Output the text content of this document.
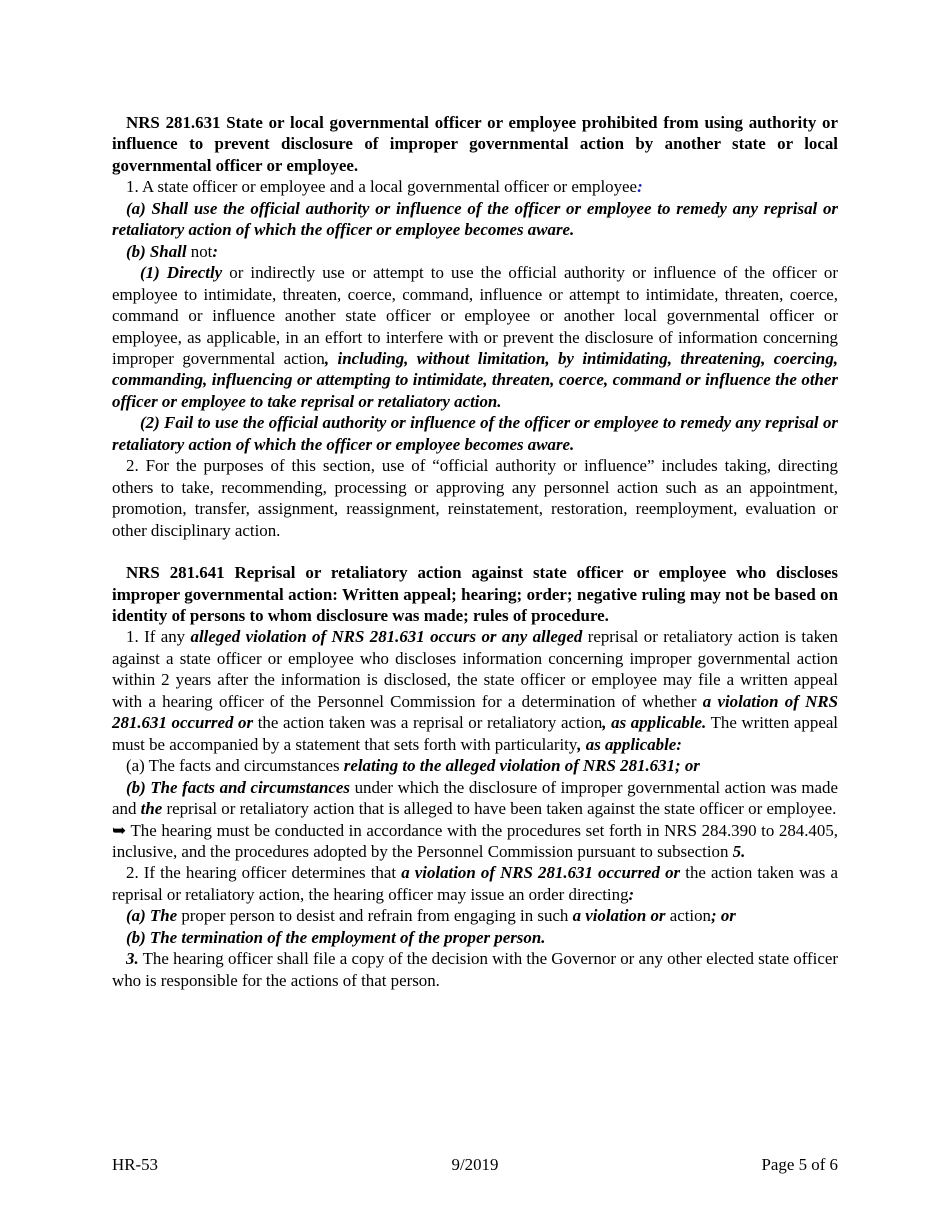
NRS 281.631 State or local governmental officer or employee prohibited from using authority or influence to prevent disclosure of improper governmental action by another state or local governmental officer or employee.

1. A state officer or employee and a local governmental officer or employee:

(a) Shall use the official authority or influence of the officer or employee to remedy any reprisal or retaliatory action of which the officer or employee becomes aware.

(b) Shall not:

(1) Directly or indirectly use or attempt to use the official authority or influence of the officer or employee to intimidate, threaten, coerce, command, influence or attempt to intimidate, threaten, coerce, command or influence another state officer or employee or another local governmental officer or employee, as applicable, in an effort to interfere with or prevent the disclosure of information concerning improper governmental action, including, without limitation, by intimidating, threatening, coercing, commanding, influencing or attempting to intimidate, threaten, coerce, command or influence the other officer or employee to take reprisal or retaliatory action.

(2) Fail to use the official authority or influence of the officer or employee to remedy any reprisal or retaliatory action of which the officer or employee becomes aware.

2. For the purposes of this section, use of “official authority or influence” includes taking, directing others to take, recommending, processing or approving any personnel action such as an appointment, promotion, transfer, assignment, reassignment, reinstatement, restoration, reemployment, evaluation or other disciplinary action.

NRS 281.641 Reprisal or retaliatory action against state officer or employee who discloses improper governmental action: Written appeal; hearing; order; negative ruling may not be based on identity of persons to whom disclosure was made; rules of procedure.

1. If any alleged violation of NRS 281.631 occurs or any alleged reprisal or retaliatory action is taken against a state officer or employee who discloses information concerning improper governmental action within 2 years after the information is disclosed, the state officer or employee may file a written appeal with a hearing officer of the Personnel Commission for a determination of whether a violation of NRS 281.631 occurred or the action taken was a reprisal or retaliatory action, as applicable. The written appeal must be accompanied by a statement that sets forth with particularity, as applicable:

(a) The facts and circumstances relating to the alleged violation of NRS 281.631; or

(b) The facts and circumstances under which the disclosure of improper governmental action was made and the reprisal or retaliatory action that is alleged to have been taken against the state officer or employee.

➥ The hearing must be conducted in accordance with the procedures set forth in NRS 284.390 to 284.405, inclusive, and the procedures adopted by the Personnel Commission pursuant to subsection 5.

2. If the hearing officer determines that a violation of NRS 281.631 occurred or the action taken was a reprisal or retaliatory action, the hearing officer may issue an order directing:

(a) The proper person to desist and refrain from engaging in such a violation or action; or

(b) The termination of the employment of the proper person.

3. The hearing officer shall file a copy of the decision with the Governor or any other elected state officer who is responsible for the actions of that person.

HR-53	9/2019	Page 5 of 6
